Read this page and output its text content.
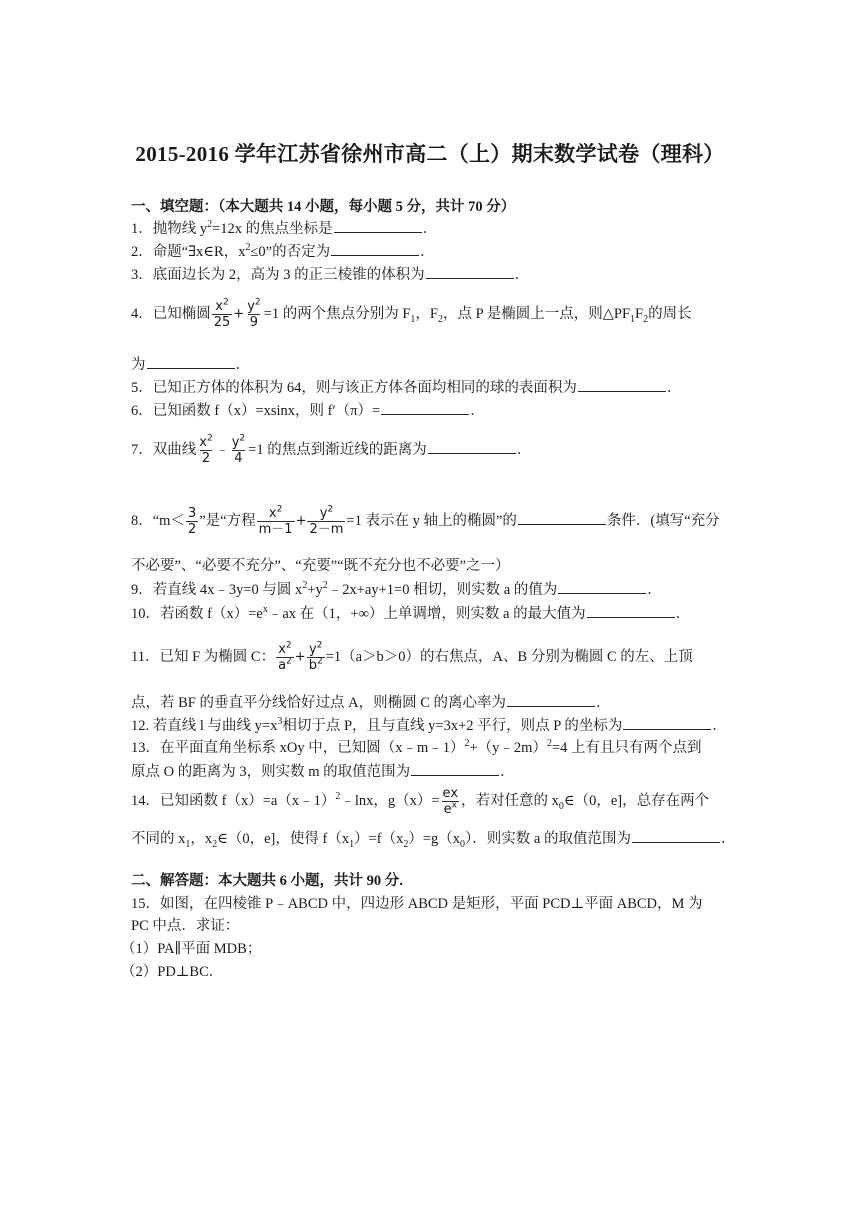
2015-2016 学年江苏省徐州市高二（上）期末数学试卷（理科）
一、填空题：（本大题共 14 小题，每小题 5 分，共计 70 分）
1．抛物线 $y^2=12x$ 的焦点坐标是	．
2．命题“∃x∈R，$x^2\le 0$”的否定为	．
3．底面边长为 2，高为 3 的正三棱锥的体积为	．
4．已知椭圆 $\frac{x^2}{25} + \frac{y^2}{9} =1$ 的两个焦点分别为 $F_1$，$F_2$，点 P 是椭圆上一点，则$\triangle PF_1F_2$的周长
为	．
5．已知正方体的体积为 64，则与该正方体各面均相同的球的表面积为	．
6．已知函数 f（x）=xsinx，则 f′（π）=	．
7．双曲线 $\frac{x^2}{2}$ ﹣ $\frac{y^2}{4} =1$ 的焦点到渐近线的距离为	．
8．“$m< \frac{3}{2}$ ”是“方程 $\frac{x^2}{m-1} + \frac{y^2}{2-m} =1$ 表示在 y 轴上的椭圆”的	条件．(填写“充分
不必要”、“必要不充分”、“充要”“既不充分也不必要”之一）
9．若直线 4x﹣3y=0 与圆 $x^2+y^2﹣2x+ay+1=0$ 相切，则实数 a 的值为	．
10．若函数 $f(x)=e^x﹣ax$ 在（1，+∞）上单调增，则实数 a 的最大值为	．
11．已知 F 为椭圆 C： $\frac{x^2}{a^2} + \frac{y^2}{b^2} =1(a>b>0)$的右焦点，A、B 分别为椭圆 C 的左、上顶
点，若 BF 的垂直平分线恰好过点 A，则椭圆 C 的离心率为	．
12. 若直线 l 与曲线 $y=x^3$相切于点 P，且与直线 y=3x+2 平行，则点 P 的坐标为	．
13．在平面直角坐标系 xOy 中，已知圆（x﹣m﹣1）$^2$+（y﹣2m）$^2$=4 上有且只有两个点到
原点 O 的距离为 3，则实数 m 的取值范围为	．
14．已知函数 f（x）=a（x﹣1）$^2$﹣lnx，$g(x)= \frac{ex}{e^x}$ ，若对任意的 $x_0\in(0$，e]，总存在两个
不同的 $x_1$，$x_2\in(0$，e]，使得 $f(x_1)=f(x_2)=g(x_0)$．则实数 a 的取值范围为	．
二、解答题：本大题共 6 小题，共计 90 分.
15．如图，在四棱锥 P﹣ABCD 中，四边形 ABCD 是矩形，平面 PCD⊥平面 ABCD，M 为
PC 中点．求证：
（1）PA∥平面 MDB；
（2）PD⊥BC．
